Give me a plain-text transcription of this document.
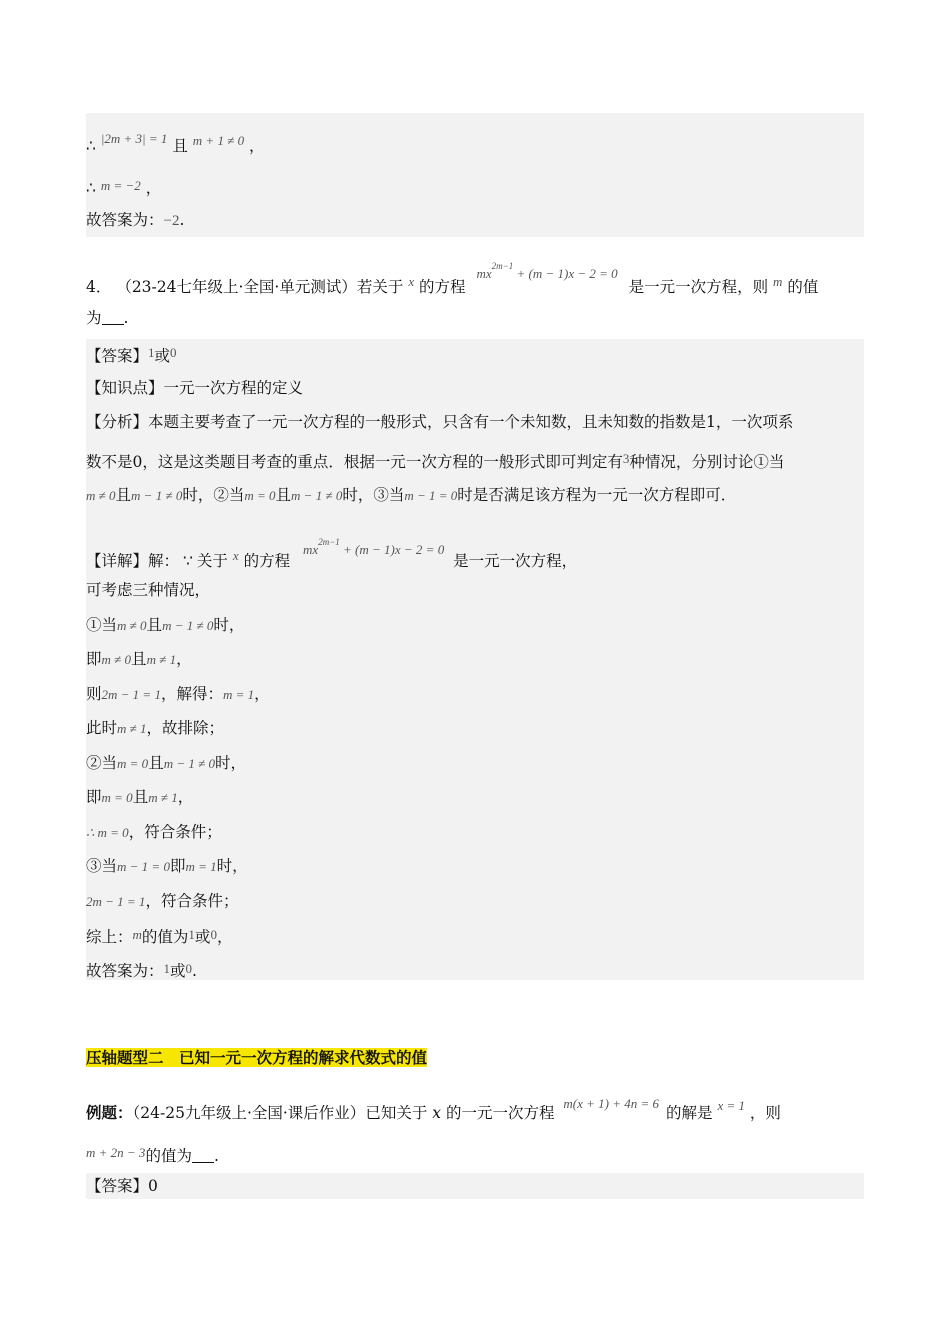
∴ $^{|2m + 3| = 1}$ 且 $^{m + 1 \ne 0}$ ，
∴ m = −2 ，
故答案为：−2.
4． （23-24七年级上·全国·单元测试）若关于 $^x$ 的方程 $mx^{2m-1} + (m - 1)x - 2 = 0$ 是一元一次方程，则 $^m$ 的值
为 .
【答案】$^1$或$^0$
【知识点】一元一次方程的定义
【分析】本题主要考查了一元一次方程的一般形式，只含有一个未知数，且未知数的指数是1，一次项系
数不是0，这是这类题目考查的重点．根据一元一次方程的一般形式即可判定有$^3$种情况，分别讨论①当
m ≠ 0且m − 1 ≠ 0时，②当m = 0且m − 1 ≠ 0时，③当m − 1 = 0时是否满足该方程为一元一次方程即可．
【详解】解： ∵ 关于 $^x$ 的方程 $mx^{2m-1} + (m - 1)x - 2 = 0$ 是一元一次方程，
可考虑三种情况，
①当m ≠ 0且m − 1 ≠ 0时，
即m ≠ 0且m ≠ 1，
则2m − 1 = 1，解得：m = 1，
此时m ≠ 1，故排除；
②当m = 0且m − 1 ≠ 0时，
即m = 0且m ≠ 1，
∴ m = 0，符合条件；
③当m − 1 = 0即m = 1时，
2m − 1 = 1，符合条件；
综上：m的值为1或0，
故答案为：1或0.
压轴题型二　已知一元一次方程的解求代数式的值
例题：（24-25九年级上·全国·课后作业）已知关于 x 的一元一次方程 $^{m(x + 1) + 4n = 6}$ 的解是 $^{x = 1}$ ，则
$^{m + 2n - 3}$的值为 .
【答案】0
